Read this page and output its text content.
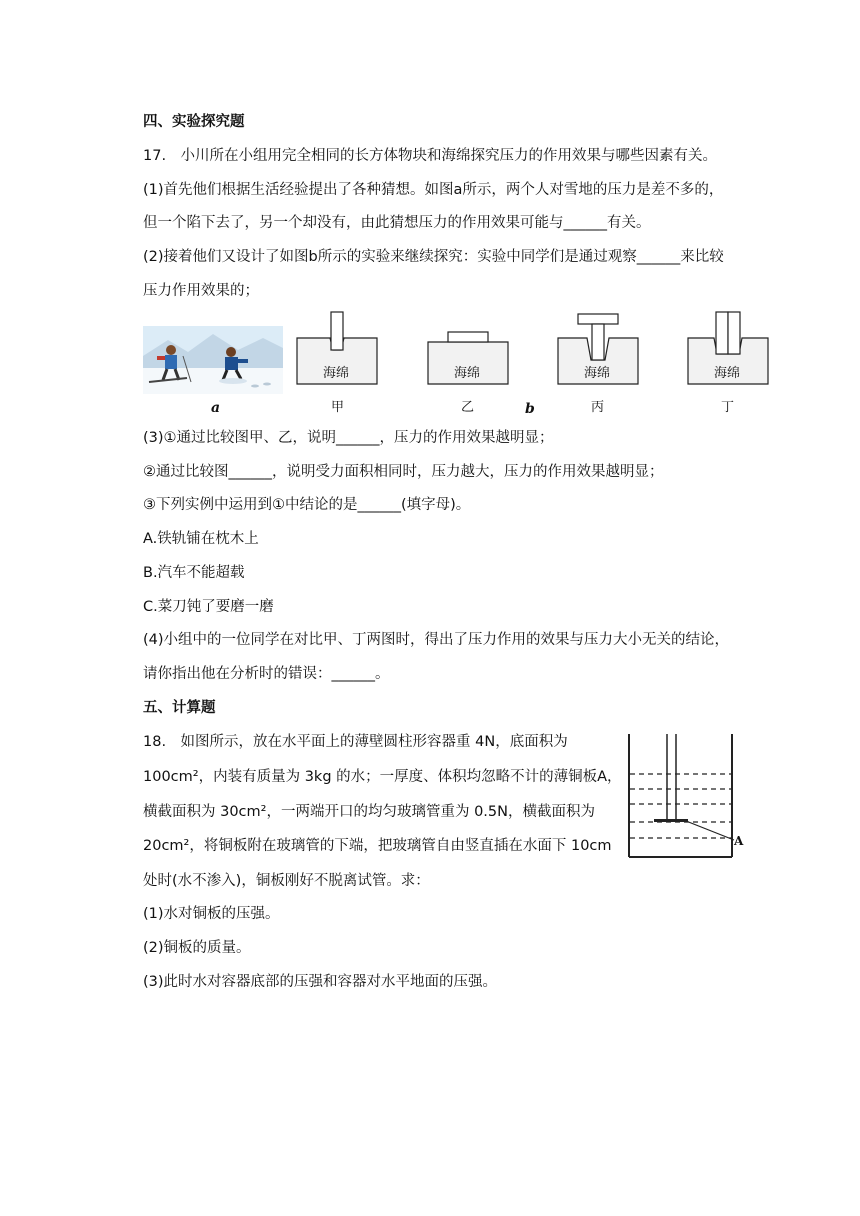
四、实验探究题
17.　小川所在小组用完全相同的长方体物块和海绵探究压力的作用效果与哪些因素有关。
(1)首先他们根据生活经验提出了各种猜想。如图a所示，两个人对雪地的压力是差不多的，
但一个陷下去了，另一个却没有，由此猜想压力的作用效果可能与______有关。
(2)接着他们又设计了如图b所示的实验来继续探究：实验中同学们是通过观察______来比较
压力作用效果的；
海绵	海绵	海绵	海绵
a	甲	乙	b	丙	丁
(3)①通过比较图甲、乙，说明______，压力的作用效果越明显；
②通过比较图______，说明受力面积相同时，压力越大，压力的作用效果越明显；
③下列实例中运用到①中结论的是______(填字母)。
A.铁轨铺在枕木上
B.汽车不能超载
C.菜刀钝了要磨一磨
(4)小组中的一位同学在对比甲、丁两图时，得出了压力作用的效果与压力大小无关的结论，
请你指出他在分析时的错误：______。
五、计算题
18.　如图所示，放在水平面上的薄壁圆柱形容器重 4N，底面积为
100cm²，内装有质量为 3kg 的水；一厚度、体积均忽略不计的薄铜板A，
横截面积为 30cm²，一两端开口的均匀玻璃管重为 0.5N，横截面积为
20cm²，将铜板附在玻璃管的下端，把玻璃管自由竖直插在水面下 10cm
处时(水不渗入)，铜板刚好不脱离试管。求：
(1)水对铜板的压强。
(2)铜板的质量。
(3)此时水对容器底部的压强和容器对水平地面的压强。
A
